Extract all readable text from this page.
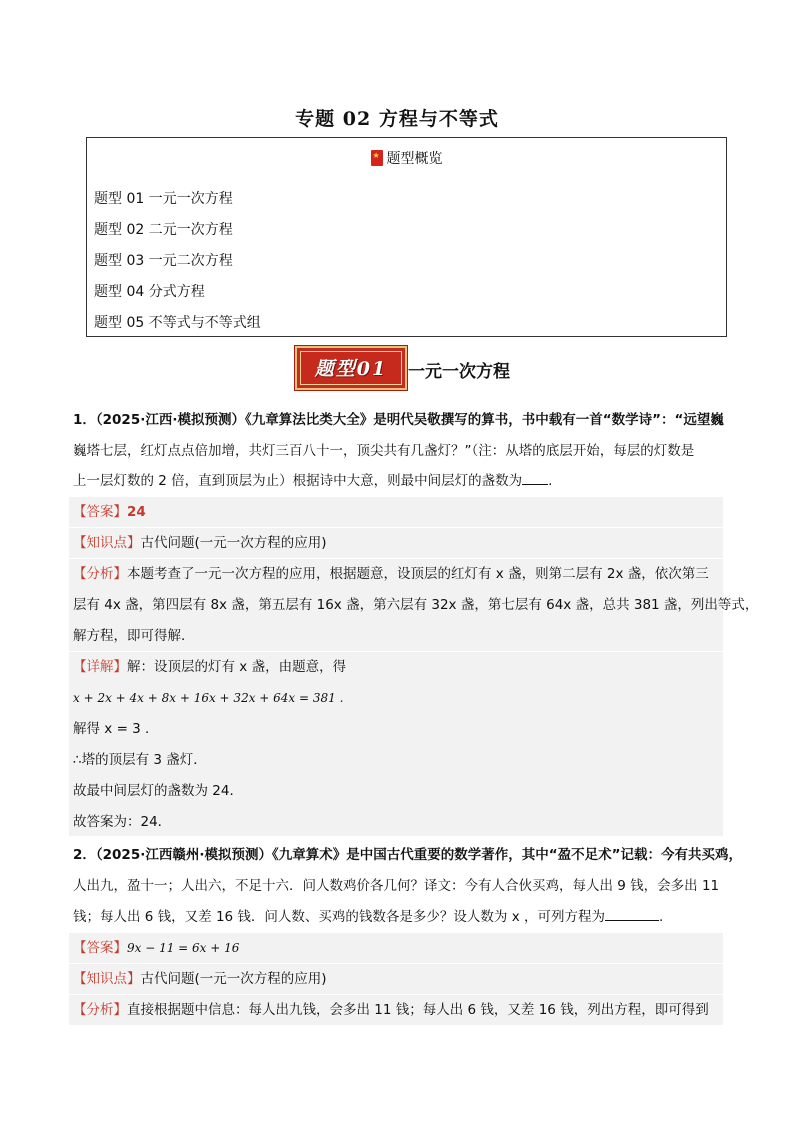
专题 02 方程与不等式
★ 题型概览
题型 01 一元一次方程
题型 02 二元一次方程
题型 03 一元二次方程
题型 04 分式方程
题型 05 不等式与不等式组
题型01	一元一次方程
1．（2025·江西·模拟预测）《九章算法比类大全》是明代吴敬撰写的算书，书中载有一首“数学诗”：“远望巍
巍塔七层，红灯点点倍加增，共灯三百八十一，顶尖共有几盏灯？”（注：从塔的底层开始，每层的灯数是
上一层灯数的 2 倍，直到顶层为止）根据诗中大意，则最中间层灯的盏数为 .
【答案】24
【知识点】古代问题(一元一次方程的应用)
【分析】本题考查了一元一次方程的应用，根据题意，设顶层的红灯有 x 盏，则第二层有 2x 盏，依次第三
层有 4x 盏，第四层有 8x 盏，第五层有 16x 盏，第六层有 32x 盏，第七层有 64x 盏，总共 381 盏，列出等式，
解方程，即可得解．
【详解】解：设顶层的灯有 x 盏，由题意，得
x + 2x + 4x + 8x + 16x + 32x + 64x = 381 .
解得 x = 3 .
∴塔的顶层有 3 盏灯．
故最中间层灯的盏数为 24．
故答案为：24．
2．（2025·江西赣州·模拟预测）《九章算术》是中国古代重要的数学著作，其中“盈不足术”记载：今有共买鸡，
人出九，盈十一；人出六，不足十六．问人数鸡价各几何？译文：今有人合伙买鸡，每人出 9 钱，会多出 11
钱；每人出 6 钱，又差 16 钱．问人数、买鸡的钱数各是多少？设人数为 x ，可列方程为	.
【答案】9x − 11 = 6x + 16
【知识点】古代问题(一元一次方程的应用)
【分析】直接根据题中信息：每人出九钱，会多出 11 钱；每人出 6 钱，又差 16 钱，列出方程，即可得到
